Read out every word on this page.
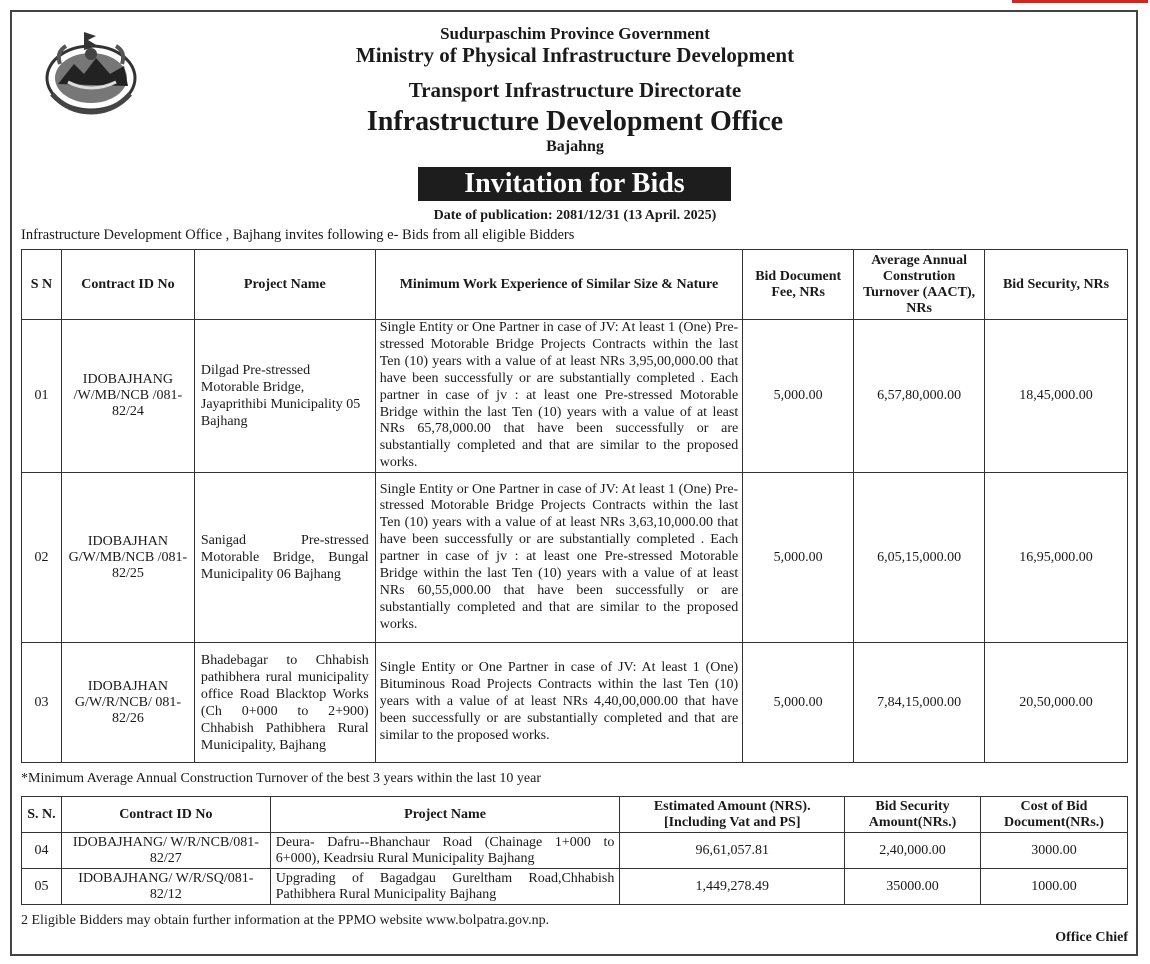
Sudurpaschim Province Government
Ministry of Physical Infrastructure Development
Transport Infrastructure Directorate
Infrastructure Development Office
Bajahng
Invitation for Bids
Date of publication: 2081/12/31 (13 April. 2025)
Infrastructure Development Office , Bajhang invites following e- Bids from all eligible Bidders
S N	Contract ID No	Project Name	Minimum Work Experience of Similar Size & Nature	Bid Document Fee, NRs	Average Annual Constrution Turnover (AACT), NRs	Bid Security, NRs
01	IDOBAJHANG /W/MB/NCB /081-82/24	Dilgad Pre-stressed Motorable Bridge, Jayaprithibi Municipality 05 Bajhang	Single Entity or One Partner in case of JV: At least 1 (One) Pre-stressed Motorable Bridge Projects Contracts within the last Ten (10) years with a value of at least NRs 3,95,00,000.00 that have been successfully or are substantially completed . Each partner in case of jv : at least one Pre-stressed Motorable Bridge within the last Ten (10) years with a value of at least NRs 65,78,000.00 that have been successfully or are substantially completed and that are similar to the proposed works.	5,000.00	6,57,80,000.00	18,45,000.00
02	IDOBAJHAN G/W/MB/NCB /081-82/25	Sanigad Pre-stressed Motorable Bridge, Bungal Municipality 06 Bajhang	Single Entity or One Partner in case of JV: At least 1 (One) Pre-stressed Motorable Bridge Projects Contracts within the last Ten (10) years with a value of at least NRs 3,63,10,000.00 that have been successfully or are substantially completed . Each partner in case of jv : at least one Pre-stressed Motorable Bridge within the last Ten (10) years with a value of at least NRs 60,55,000.00 that have been successfully or are substantially completed and that are similar to the proposed works.	5,000.00	6,05,15,000.00	16,95,000.00
03	IDOBAJHAN G/W/R/NCB/ 081-82/26	Bhadebagar to Chhabish pathibhera rural municipality office Road Blacktop Works (Ch 0+000 to 2+900) Chhabish Pathibhera Rural Municipality, Bajhang	Single Entity or One Partner in case of JV: At least 1 (One) Bituminous Road Projects Contracts within the last Ten (10) years with a value of at least NRs 4,40,00,000.00 that have been successfully or are substantially completed and that are similar to the proposed works.	5,000.00	7,84,15,000.00	20,50,000.00
*Minimum Average Annual Construction Turnover of the best 3 years within the last 10 year
S. N.	Contract ID No	Project Name	Estimated Amount (NRS). [Including Vat and PS]	Bid Security Amount(NRs.)	Cost of Bid Document(NRs.)
04	IDOBAJHANG/ W/R/NCB/081-82/27	Deura- Dafru--Bhanchaur Road (Chainage 1+000 to 6+000), Keadrsiu Rural Municipality Bajhang	96,61,057.81	2,40,000.00	3000.00
05	IDOBAJHANG/ W/R/SQ/081-82/12	Upgrading of Bagadgau Gureltham Road,Chhabish Pathibhera Rural Municipality Bajhang	1,449,278.49	35000.00	1000.00
2 Eligible Bidders may obtain further information at the PPMO website www.bolpatra.gov.np.
Office Chief
